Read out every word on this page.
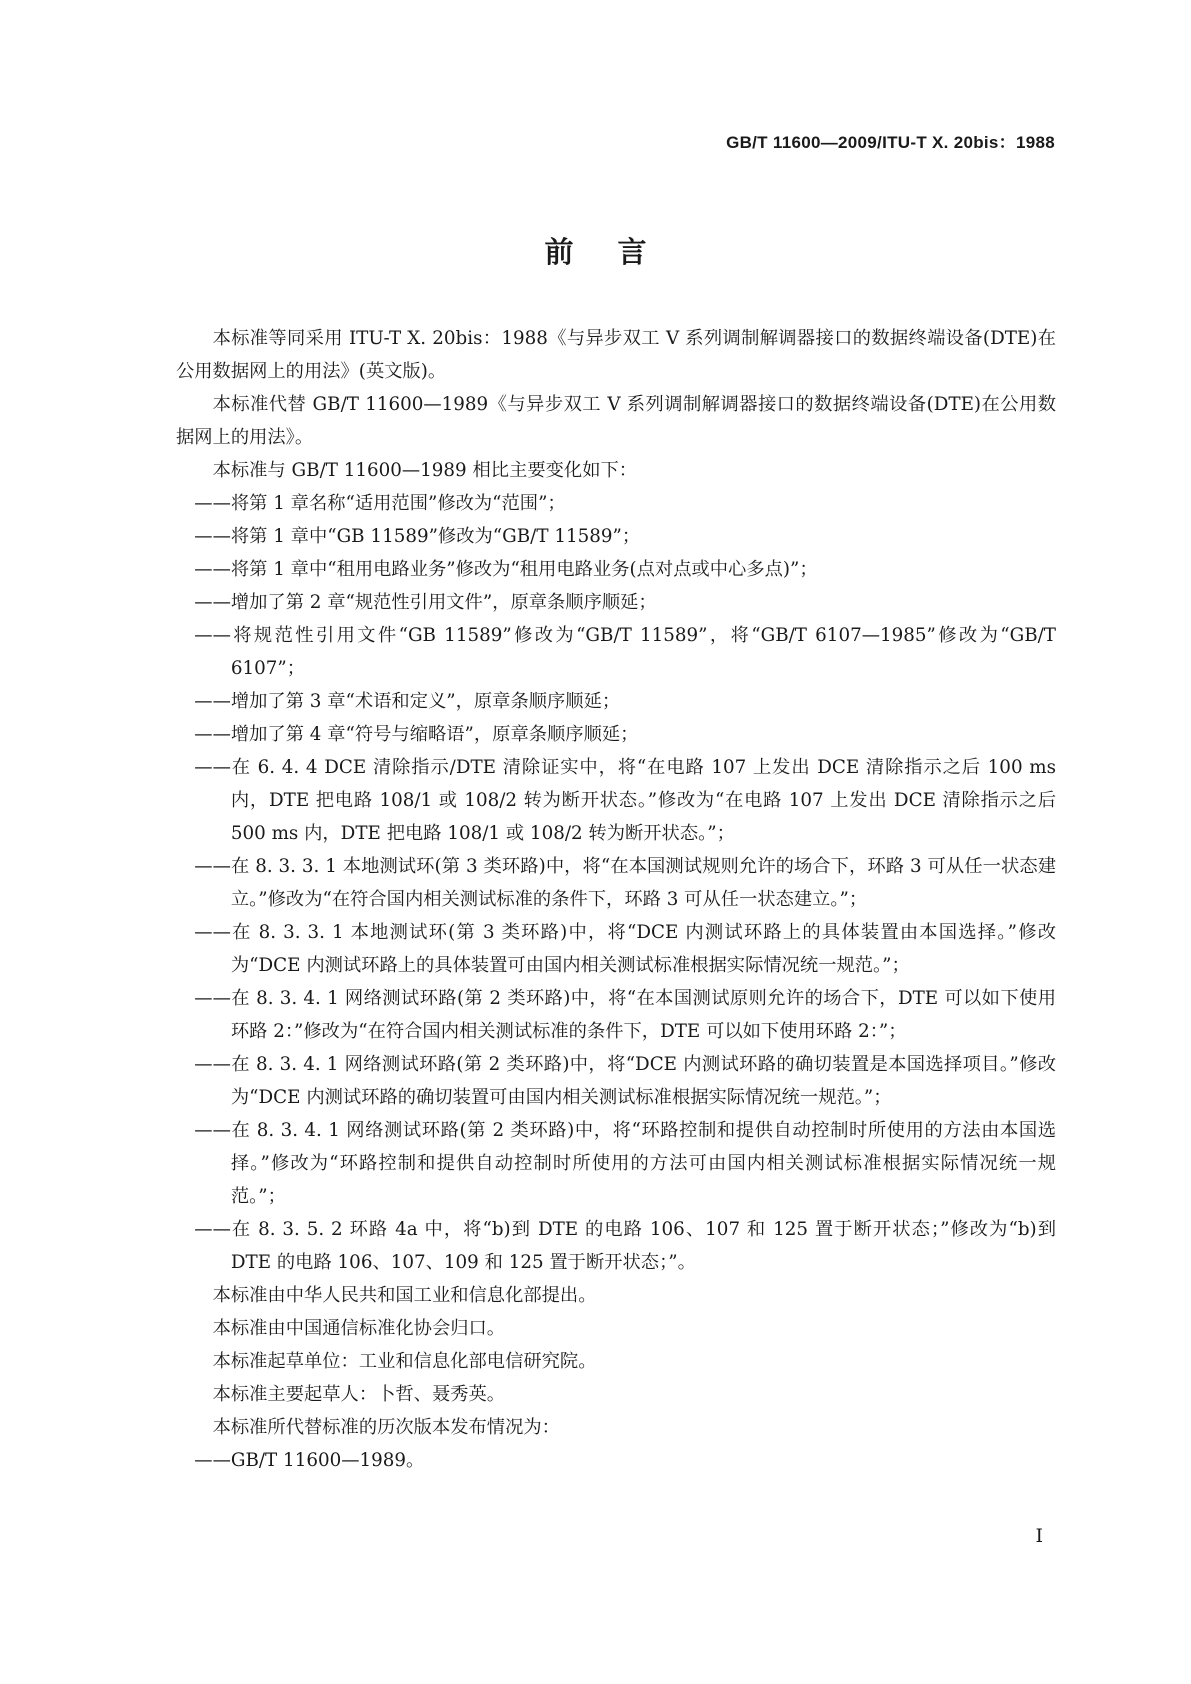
GB/T 11600—2009/ITU-T X. 20bis：1988
前言

本标准等同采用 ITU-T X. 20bis：1988《与异步双工 V 系列调制解调器接口的数据终端设备(DTE)在公用数据网上的用法》(英文版)。

本标准代替 GB/T 11600—1989《与异步双工 V 系列调制解调器接口的数据终端设备(DTE)在公用数据网上的用法》。

本标准与 GB/T 11600—1989 相比主要变化如下：

——将第 1 章名称“适用范围”修改为“范围”；

——将第 1 章中“GB 11589”修改为“GB/T 11589”；

——将第 1 章中“租用电路业务”修改为“租用电路业务(点对点或中心多点)”；

——增加了第 2 章“规范性引用文件”，原章条顺序顺延；

——将规范性引用文件“GB 11589”修改为“GB/T 11589”，将“GB/T 6107—1985”修改为“GB/T 6107”；

——增加了第 3 章“术语和定义”，原章条顺序顺延；

——增加了第 4 章“符号与缩略语”，原章条顺序顺延；

——在 6. 4. 4 DCE 清除指示/DTE 清除证实中，将“在电路 107 上发出 DCE 清除指示之后 100 ms 内，DTE 把电路 108/1 或 108/2 转为断开状态。”修改为“在电路 107 上发出 DCE 清除指示之后 500 ms 内，DTE 把电路 108/1 或 108/2 转为断开状态。”；

——在 8. 3. 3. 1 本地测试环(第 3 类环路)中，将“在本国测试规则允许的场合下，环路 3 可从任一状态建立。”修改为“在符合国内相关测试标准的条件下，环路 3 可从任一状态建立。”；

——在 8. 3. 3. 1 本地测试环(第 3 类环路)中，将“DCE 内测试环路上的具体装置由本国选择。”修改为“DCE 内测试环路上的具体装置可由国内相关测试标准根据实际情况统一规范。”；

——在 8. 3. 4. 1 网络测试环路(第 2 类环路)中，将“在本国测试原则允许的场合下，DTE 可以如下使用环路 2：”修改为“在符合国内相关测试标准的条件下，DTE 可以如下使用环路 2：”；

——在 8. 3. 4. 1 网络测试环路(第 2 类环路)中，将“DCE 内测试环路的确切装置是本国选择项目。”修改为“DCE 内测试环路的确切装置可由国内相关测试标准根据实际情况统一规范。”；

——在 8. 3. 4. 1 网络测试环路(第 2 类环路)中，将“环路控制和提供自动控制时所使用的方法由本国选择。”修改为“环路控制和提供自动控制时所使用的方法可由国内相关测试标准根据实际情况统一规范。”；

——在 8. 3. 5. 2 环路 4a 中，将“b)到 DTE 的电路 106、107 和 125 置于断开状态；”修改为“b)到 DTE 的电路 106、107、109 和 125 置于断开状态；”。

本标准由中华人民共和国工业和信息化部提出。

本标准由中国通信标准化协会归口。

本标准起草单位：工业和信息化部电信研究院。

本标准主要起草人：卜哲、聂秀英。

本标准所代替标准的历次版本发布情况为：

——GB/T 11600—1989。

I
